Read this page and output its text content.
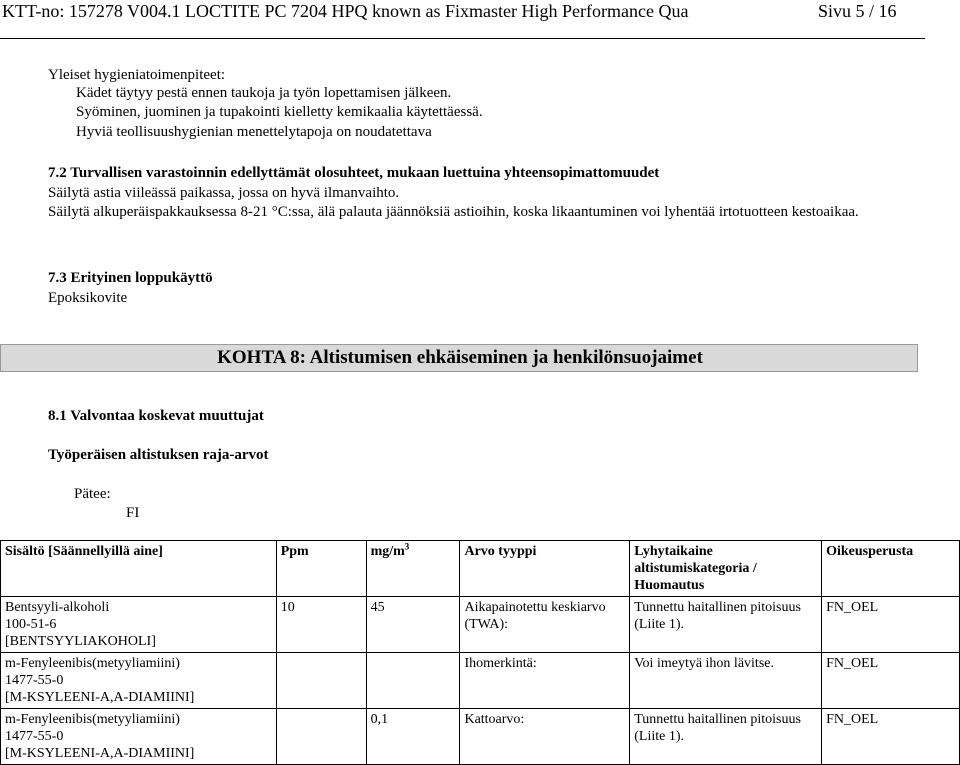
KTT-no: 157278 V004.1 LOCTITE PC 7204 HPQ known as Fixmaster High Performance Qua	Sivu 5 / 16
Yleiset hygieniatoimenpiteet:
Kädet täytyy pestä ennen taukoja ja työn lopettamisen jälkeen.
Syöminen, juominen ja tupakointi kielletty kemikaalia käytettäessä.
Hyviä teollisuushygienian menettelytapoja on noudatettava
7.2 Turvallisen varastoinnin edellyttämät olosuhteet, mukaan luettuina yhteensopimattomuudet
Säilytä astia viileässä paikassa, jossa on hyvä ilmanvaihto.
Säilytä alkuperäispakkauksessa 8-21 °C:ssa, älä palauta jäännöksiä astioihin, koska likaantuminen voi lyhentää irtotuotteen kestoaikaa.
7.3 Erityinen loppukäyttö
Epoksikovite
KOHTA 8: Altistumisen ehkäiseminen ja henkilönsuojaimet
8.1 Valvontaa koskevat muuttujat
Työperäisen altistuksen raja-arvot
Pätee:
FI
Sisältö [Säännellyillä aine]	Ppm	$mg/m^3$	Arvo tyyppi	Lyhytaikaine altistumiskategoria / Huomautus	Oikeusperusta

Bentsyyli-alkoholi
100-51-6
[BENTSYYLIAKOHOLI]	10	45	Aikapainotettu keskiarvo (TWA):	Tunnettu haitallinen pitoisuus (Liite 1).	FN_OEL

m-Fenyleenibis(metyyliamiini)
1477-55-0
[M-KSYLEENI-A,A-DIAMIINI]			Ihomerkintä:	Voi imeytyä ihon lävitse.	FN_OEL

m-Fenyleenibis(metyyliamiini)
1477-55-0
[M-KSYLEENI-A,A-DIAMIINI]		0,1	Kattoarvo:	Tunnettu haitallinen pitoisuus (Liite 1).	FN_OEL
